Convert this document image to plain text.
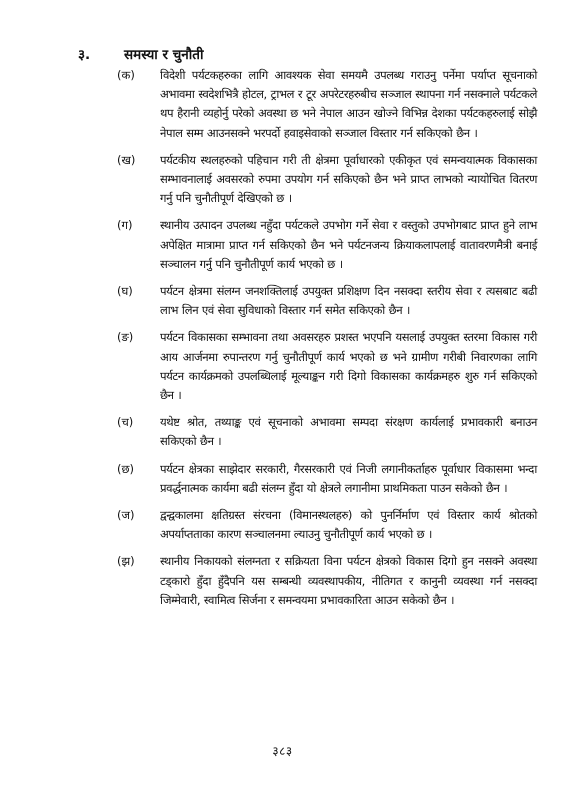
३.	समस्या र चुनौती
(क) विदेशी पर्यटकहरुका लागि आवश्यक सेवा समयमै उपलब्ध गराउनु पर्नेमा पर्याप्त सूचनाको अभावमा स्वदेशभित्रै होटल, ट्राभल र टूर अपरेटरहरुबीच सञ्जाल स्थापना गर्न नसक्नाले पर्यटकले थप हैरानी व्यहोर्नु परेको अवस्था छ भने नेपाल आउन खोज्ने विभिन्न देशका पर्यटकहरुलाई सोझै नेपाल सम्म आउनसक्ने भरपर्दो हवाइसेवाको सञ्जाल विस्तार गर्न सकिएको छैन ।
(ख) पर्यटकीय स्थलहरुको पहिचान गरी ती क्षेत्रमा पूर्वाधारको एकीकृत एवं समन्वयात्मक विकासका सम्भावनालाई अवसरको रुपमा उपयोग गर्न सकिएको छैन भने प्राप्त लाभको न्यायोचित वितरण गर्नु पनि चुनौतीपूर्ण देखिएको छ ।
(ग) स्थानीय उत्पादन उपलब्ध नहुँदा पर्यटकले उपभोग गर्ने सेवा र वस्तुको उपभोगबाट प्राप्त हुने लाभ अपेक्षित मात्रामा प्राप्त गर्न सकिएको छैन भने पर्यटनजन्य क्रियाकलापलाई वातावरणमैत्री बनाई सञ्चालन गर्नु पनि चुनौतीपूर्ण कार्य भएको छ ।
(घ) पर्यटन क्षेत्रमा संलग्न जनशक्तिलाई उपयुक्त प्रशिक्षण दिन नसक्दा स्तरीय सेवा र त्यसबाट बढी लाभ लिन एवं सेवा सुविधाको विस्तार गर्न समेत सकिएको छैन ।
(ङ) पर्यटन विकासका सम्भावना तथा अवसरहरु प्रशस्त भएपनि यसलाई उपयुक्त स्तरमा विकास गरी आय आर्जनमा रुपान्तरण गर्नु चुनौतीपूर्ण कार्य भएको छ भने ग्रामीण गरीबी निवारणका लागि पर्यटन कार्यक्रमको उपलब्धिलाई मूल्याङ्कन गरी दिगो विकासका कार्यक्रमहरु शुरु गर्न सकिएको छैन ।
(च) यथेष्ट श्रोत, तथ्याङ्क एवं सूचनाको अभावमा सम्पदा संरक्षण कार्यलाई प्रभावकारी बनाउन सकिएको छैन ।
(छ) पर्यटन क्षेत्रका साझेदार सरकारी, गैरसरकारी एवं निजी लगानीकर्ताहरु पूर्वाधार विकासमा भन्दा प्रवर्द्धनात्मक कार्यमा बढी संलग्न हुँदा यो क्षेत्रले लगानीमा प्राथमिकता पाउन सकेको छैन ।
(ज) द्वन्द्वकालमा क्षतिग्रस्त संरचना (विमानस्थलहरु) को पुनर्निर्माण एवं विस्तार कार्य श्रोतको अपर्याप्तताका कारण सञ्चालनमा ल्याउनु चुनौतीपूर्ण कार्य भएको छ ।
(झ) स्थानीय निकायको संलग्नता र सक्रियता विना पर्यटन क्षेत्रको विकास दिगो हुन नसक्ने अवस्था टड्कारो हुँदा हुँदैपनि यस सम्बन्धी व्यवस्थापकीय, नीतिगत र कानुनी व्यवस्था गर्न नसक्दा जिम्मेवारी, स्वामित्व सिर्जना र समन्वयमा प्रभावकारिता आउन सकेको छैन ।
३८३
